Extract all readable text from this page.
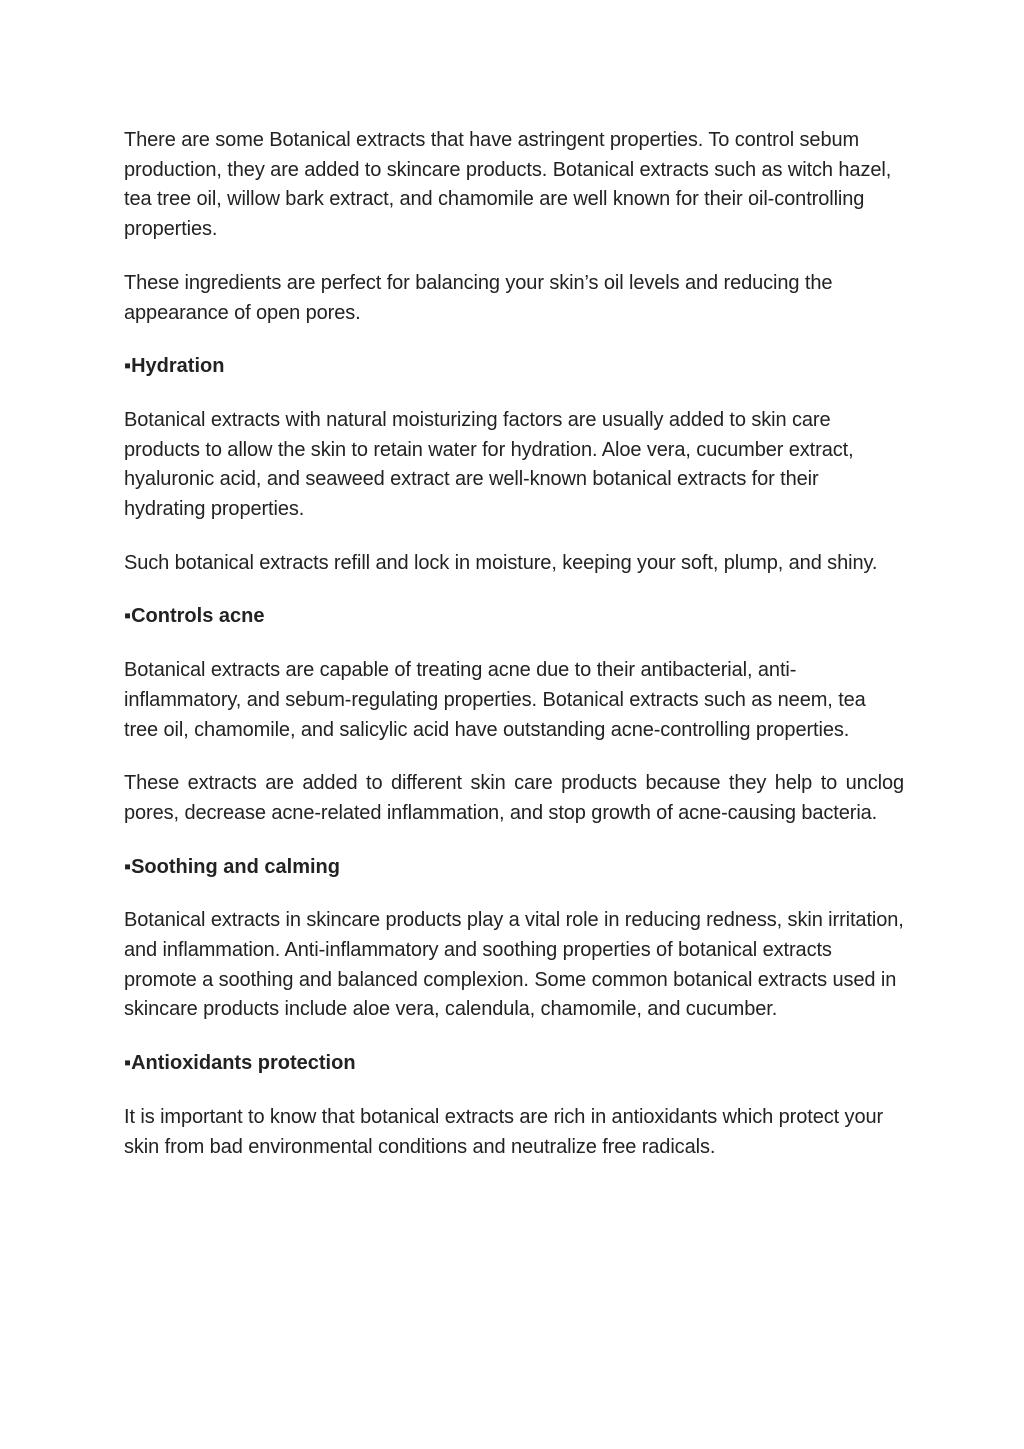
There are some Botanical extracts that have astringent properties. To control sebum production, they are added to skincare products. Botanical extracts such as witch hazel, tea tree oil, willow bark extract, and chamomile are well known for their oil-controlling properties.

These ingredients are perfect for balancing your skin’s oil levels and reducing the appearance of open pores.

▪Hydration

Botanical extracts with natural moisturizing factors are usually added to skin care products to allow the skin to retain water for hydration. Aloe vera, cucumber extract, hyaluronic acid, and seaweed extract are well-known botanical extracts for their hydrating properties.

Such botanical extracts refill and lock in moisture, keeping your soft, plump, and shiny.

▪Controls acne

Botanical extracts are capable of treating acne due to their antibacterial, anti-inflammatory, and sebum-regulating properties. Botanical extracts such as neem, tea tree oil, chamomile, and salicylic acid have outstanding acne-controlling properties.

These extracts are added to different skin care products because they help to unclog pores, decrease acne-related inflammation, and stop growth of acne-causing bacteria.

▪Soothing and calming

Botanical extracts in skincare products play a vital role in reducing redness, skin irritation, and inflammation. Anti-inflammatory and soothing properties of botanical extracts promote a soothing and balanced complexion. Some common botanical extracts used in skincare products include aloe vera, calendula, chamomile, and cucumber.

▪Antioxidants protection

It is important to know that botanical extracts are rich in antioxidants which protect your skin from bad environmental conditions and neutralize free radicals.
